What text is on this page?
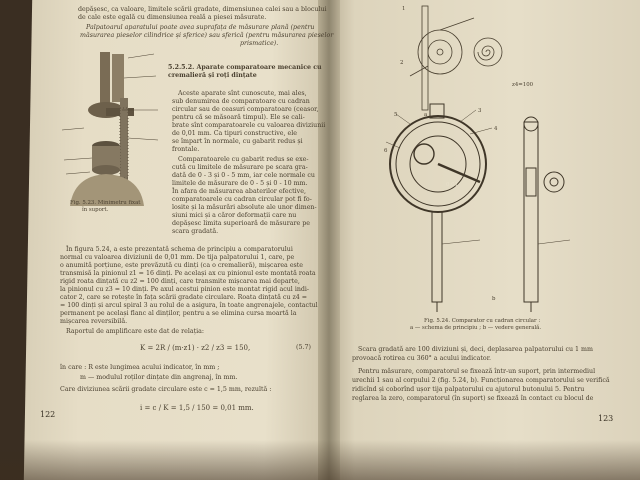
depășesc, ca valoare, limitele scării gradate, dimensiunea calei sau a blocului
de cale este egală cu dimensiunea reală a piesei măsurate.
Palpatoarul aparatului poate avea suprafața de măsurare plană (pentru
măsurarea pieselor cilindrice și sferice) sau sferică (pentru măsurarea pieselor
prismatice).
Fig. 5.23. Minimetru fixat
în suport.
5.2.5.2. Aparate comparatoare mecanice cu cremalieră și roți dințate
Aceste aparate sînt cunoscute, mai ales,
sub denumirea de comparatoare cu cadran
circular sau de ceasuri comparatoare (ceasor,
pentru că se măsoară timpul). Ele se cali-
brate sînt comparatoarele cu valoarea diviziunii
de 0,01 mm. Ca tipuri constructive, ele
se împart în normale, cu gabarit redus și
frontale.
Comparatoarele cu gabarit redus se exe-
cută cu limitele de măsurare pe scara gra-
dată de 0 - 3 și 0 - 5 mm, iar cele normale cu
limitele de măsurare de 0 - 5 și 0 - 10 mm.
În afara de măsurarea abaterilor efective,
comparatoarele cu cadran circular pot fi fo-
losite și la măsurări absolute ale unor dimen-
siuni mici și a căror deformații care nu
depășesc limita superioară de măsurare pe
scara gradată.
În figura 5.24, a este prezentată schema de principiu a comparatorului
normal cu valoarea diviziunii de 0,01 mm. De tija palpatorului 1, care, pe
o anumită porțiune, este prevăzută cu dinți (ca o cremalieră), mișcarea este
transmisă la pinionul z1 = 16 dinți. Pe același ax cu pinionul este montată roata
rigid roata dințată cu z2 = 100 dinți, care transmite mișcarea mai departe,
la pinionul cu z3 = 10 dinți. Pe axul acestui pinion este montat rigid acul indi-
cator 2, care se rotește în fața scării gradate circulare. Roata dințată cu z4 =
= 100 dinți și arcul spiral 3 au rolul de a asigura, în toate angrenajele, contactul
permanent pe același flanc al dinților, pentru a se elimina cursa moartă la
mișcarea reversibilă.
Raportul de amplificare este dat de relația:
K = 2R / (m·z1) · z2 / z3 = 150,	(5.7)
în care : R este lungimea acului indicator, în mm ;
m — modulul roților dințate din angrenaj, în mm.
Care diviziunea scării gradate circulare este c = 1,5 mm, rezultă :
i = c / K = 1,5 / 150 = 0,01 mm.
122
1
2
z4=100
a
6
5
3
4
0.01
b
Fig. 5.24. Comparator cu cadran circular :
a — schema de principiu ; b — vedere generală.
Scara gradată are 100 diviziuni și, deci, deplasarea palpatorului cu 1 mm
provoacă rotirea cu 360° a acului indicator.
Pentru măsurare, comparatorul se fixează într-un suport, prin intermediul
urechii 1 sau al corpului 2 (fig. 5.24, b). Funcționarea comparatorului se verifică
ridicînd și coborînd ușor tija palpatorului cu ajutorul butonului 5. Pentru
reglarea la zero, comparatorul (în suport) se fixează în contact cu blocul de
123
